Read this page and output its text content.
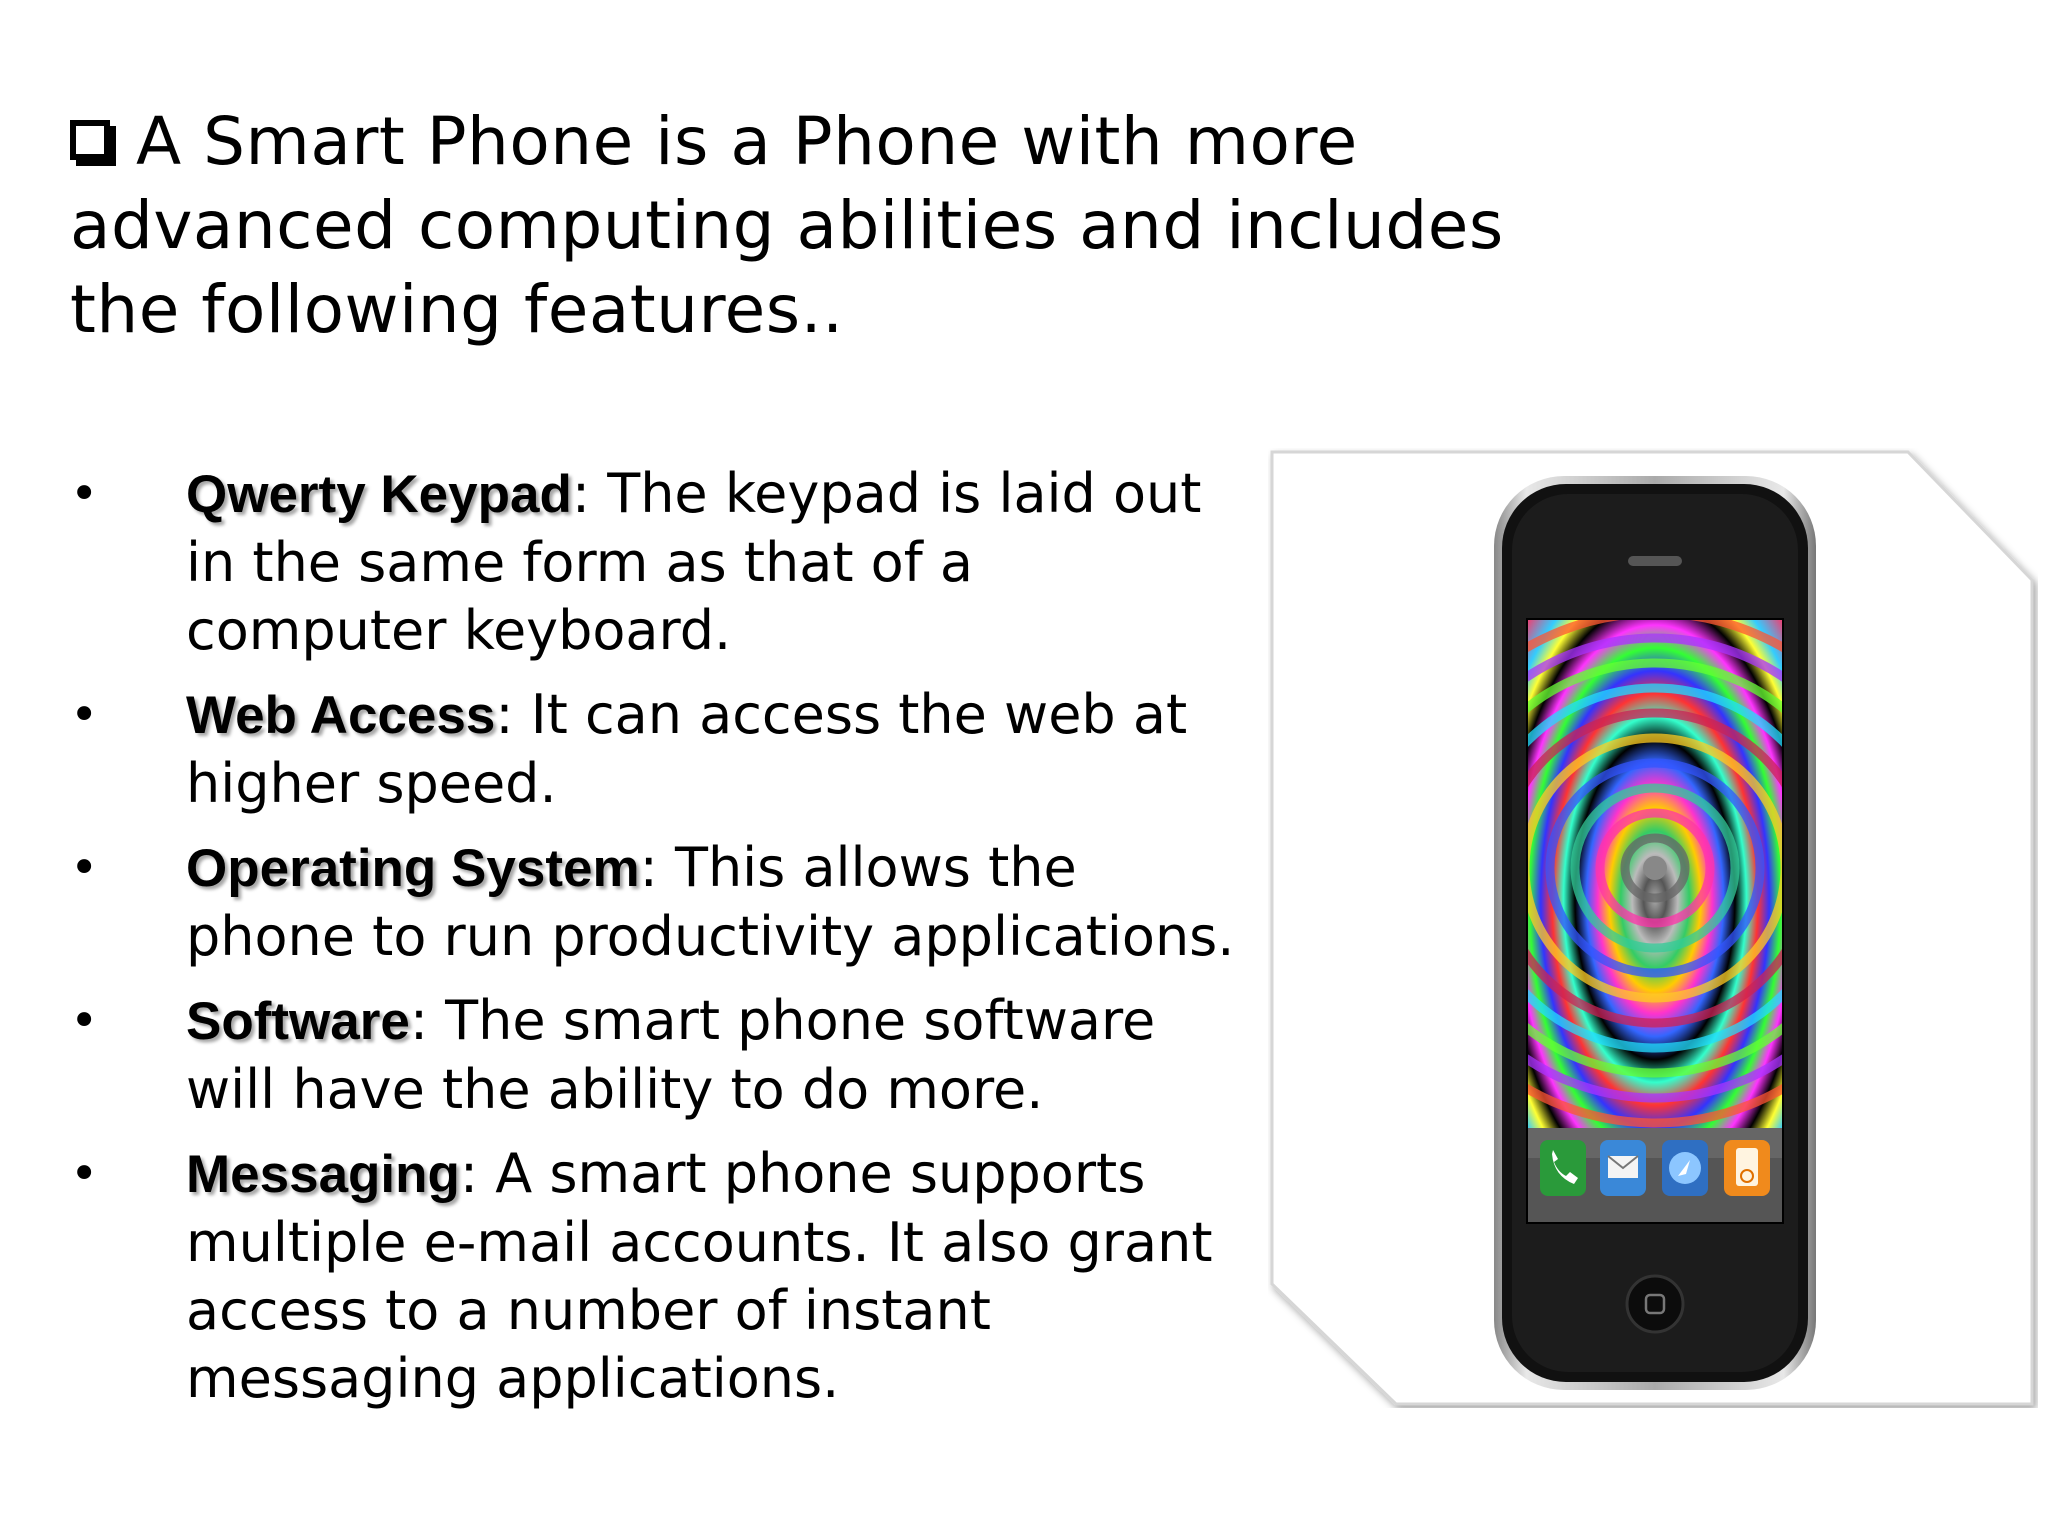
A Smart Phone is a Phone with more advanced computing abilities and includes the following features..
• Qwerty Keypad: The keypad is laid out in the same form as that of a computer keyboard.
• Web Access: It can access the web at higher speed.
• Operating System: This allows the phone to run productivity applications.
• Software: The smart phone software will have the ability to do more.
• Messaging: A smart phone supports multiple e-mail accounts. It also grant access to a number of instant messaging applications.
